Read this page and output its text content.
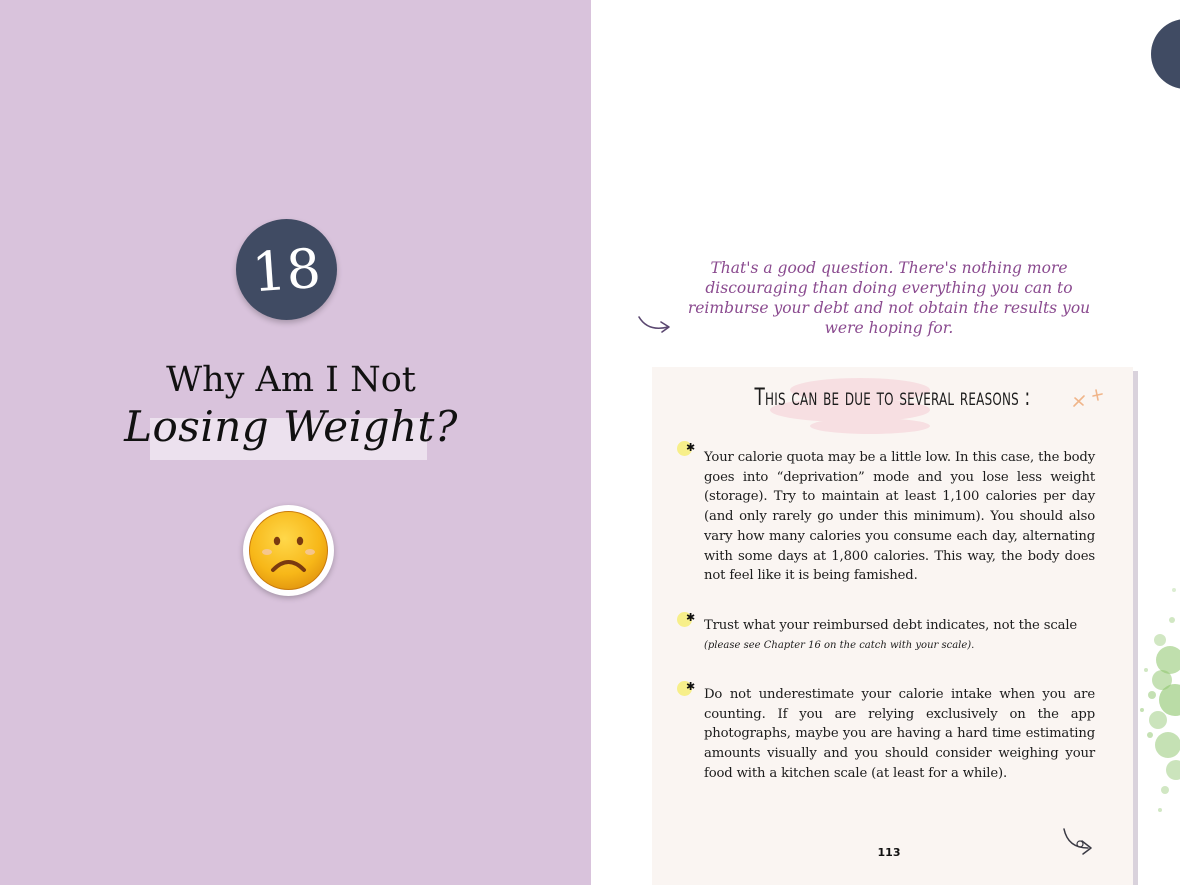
18
Why Am I Not
Losing Weight?
That's a good question. There's nothing more discouraging than doing everything you can to reimburse your debt and not obtain the results you were hoping for.
This can be due to several reasons :
✱
Your calorie quota may be a little low. In this case, the body goes into “deprivation” mode and you lose less weight (storage). Try to maintain at least 1,100 calories per day (and only rarely go under this minimum). You should also vary how many calories you consume each day, alternating with some days at 1,800 calories. This way, the body does not feel like it is being famished.
✱
Trust what your reimbursed debt indicates, not the scale
(please see Chapter 16 on the catch with your scale).
✱
Do not underestimate your calorie intake when you are counting. If you are relying exclusively on the app photographs, maybe you are having a hard time estimating amounts visually and you should consider weighing your food with a kitchen scale (at least for a while).
113
